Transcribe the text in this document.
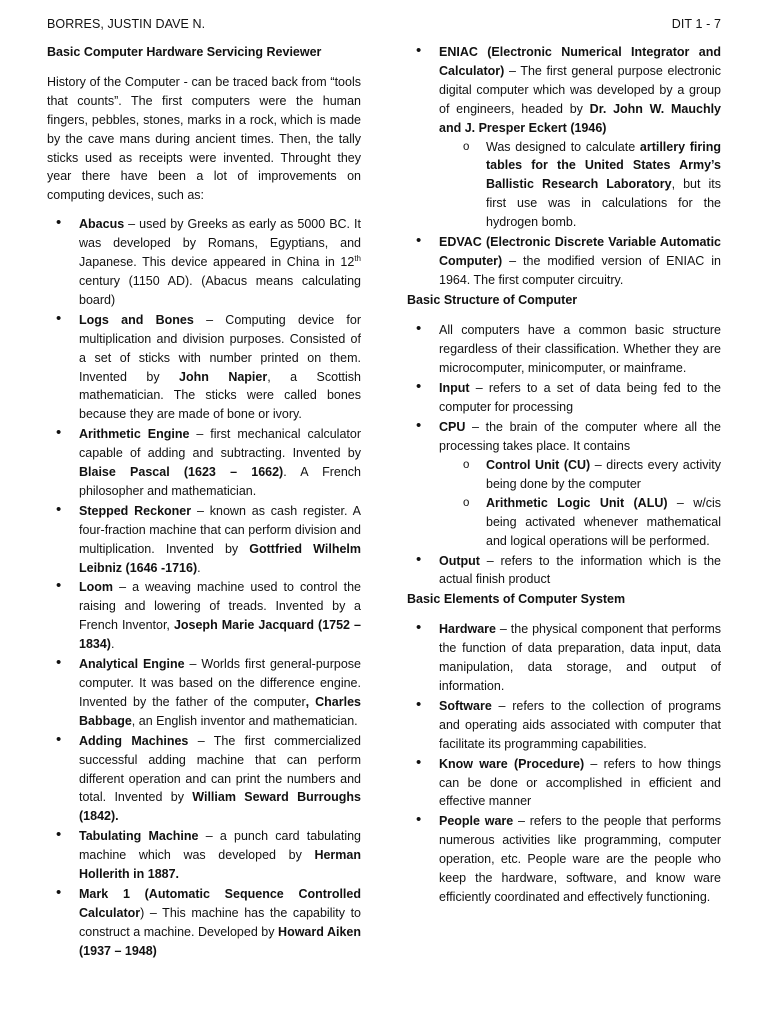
BORRES, JUSTIN DAVE N.	DIT 1 - 7
Basic Computer Hardware Servicing Reviewer
History of the Computer - can be traced back from “tools that counts”. The first computers were the human fingers, pebbles, stones, marks in a rock, which is made by the cave mans during ancient times. Then, the tally sticks used as receipts were invented. Throught they year there have been a lot of improvements on computing devices, such as:
• Abacus – used by Greeks as early as 5000 BC. It was developed by Romans, Egyptians, and Japanese. This device appeared in China in 12th century (1150 AD). (Abacus means calculating board)
• Logs and Bones – Computing device for multiplication and division purposes. Consisted of a set of sticks with number printed on them. Invented by John Napier, a Scottish mathematician. The sticks were called bones because they are made of bone or ivory.
• Arithmetic Engine – first mechanical calculator capable of adding and subtracting. Invented by Blaise Pascal (1623 – 1662). A French philosopher and mathematician.
• Stepped Reckoner – known as cash register. A four-fraction machine that can perform division and multiplication. Invented by Gottfried Wilhelm Leibniz (1646 -1716).
• Loom – a weaving machine used to control the raising and lowering of treads. Invented by a French Inventor, Joseph Marie Jacquard (1752 – 1834).
• Analytical Engine – Worlds first general-purpose computer. It was based on the difference engine. Invented by the father of the computer, Charles Babbage, an English inventor and mathematician.
• Adding Machines – The first commercialized successful adding machine that can perform different operation and can print the numbers and total. Invented by William Seward Burroughs (1842).
• Tabulating Machine – a punch card tabulating machine which was developed by Herman Hollerith in 1887.
• Mark 1 (Automatic Sequence Controlled Calculator) – This machine has the capability to construct a machine. Developed by Howard Aiken (1937 – 1948)
• ENIAC (Electronic Numerical Integrator and Calculator) – The first general purpose electronic digital computer which was developed by a group of engineers, headed by Dr. John W. Mauchly and J. Presper Eckert (1946)
o Was designed to calculate artillery firing tables for the United States Army’s Ballistic Research Laboratory, but its first use was in calculations for the hydrogen bomb.
• EDVAC (Electronic Discrete Variable Automatic Computer) – the modified version of ENIAC in 1964. The first computer circuitry.
Basic Structure of Computer
• All computers have a common basic structure regardless of their classification. Whether they are microcomputer, minicomputer, or mainframe.
• Input – refers to a set of data being fed to the computer for processing
• CPU – the brain of the computer where all the processing takes place. It contains
o Control Unit (CU) – directs every activity being done by the computer
o Arithmetic Logic Unit (ALU) – w/cis being activated whenever mathematical and logical operations will be performed.
• Output – refers to the information which is the actual finish product
Basic Elements of Computer System
• Hardware – the physical component that performs the function of data preparation, data input, data manipulation, data storage, and output of information.
• Software – refers to the collection of programs and operating aids associated with computer that facilitate its programming capabilities.
• Know ware (Procedure) – refers to how things can be done or accomplished in efficient and effective manner
• People ware – refers to the people that performs numerous activities like programming, computer operation, etc. People ware are the people who keep the hardware, software, and know ware efficiently coordinated and effectively functioning.
